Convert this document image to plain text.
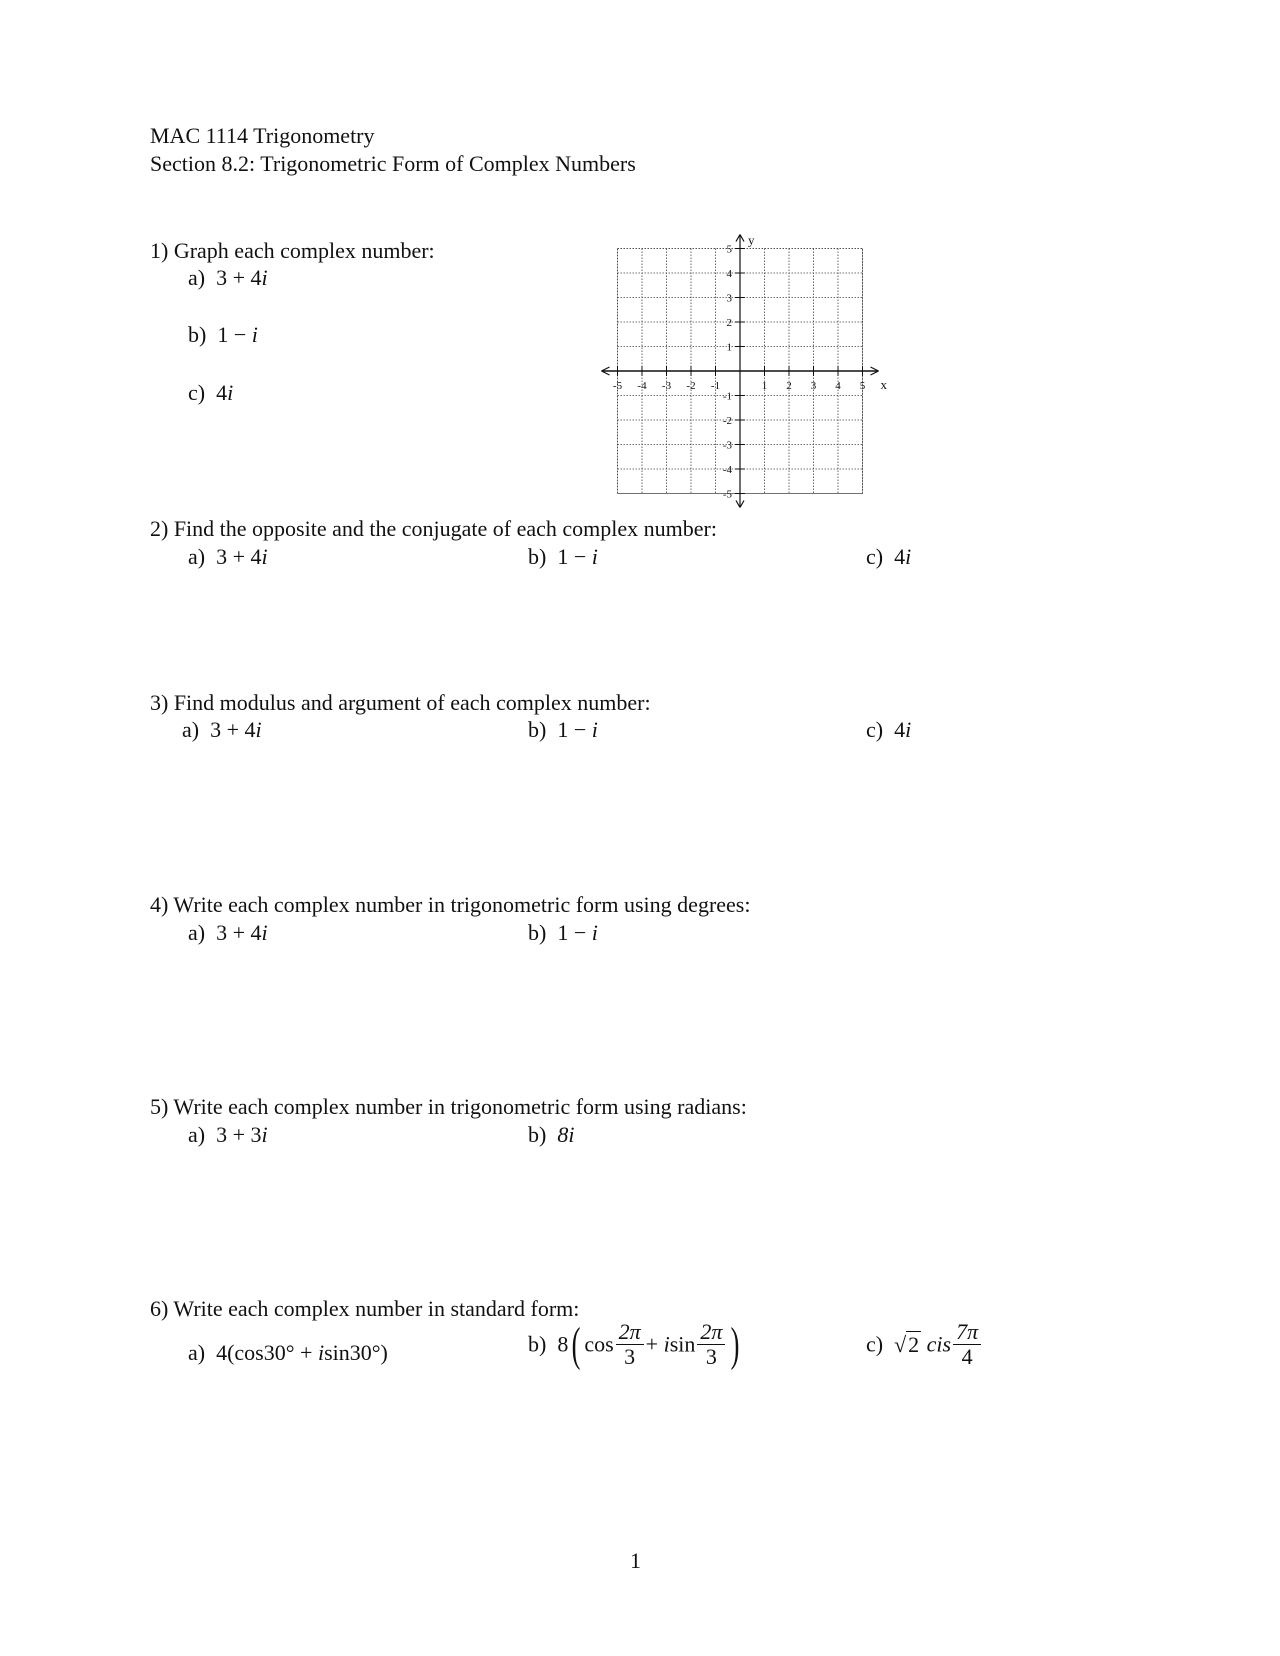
MAC 1114 Trigonometry
Section 8.2: Trigonometric Form of Complex Numbers
1) Graph each complex number:
a) 3 + 4i
b) 1 − i
c) 4i	-5 -4 -3 -2 -1	1 2 3 4 5
5
4
3
2
1
-1
-2
-3
-4
-5
x
y
2) Find the opposite and the conjugate of each complex number:
a) 3 + 4i	b) 1 − i	c) 4i
3) Find modulus and argument of each complex number:
a) 3 + 4i	b) 1 − i	c) 4i
4) Write each complex number in trigonometric form using degrees:
a) 3 + 4i	b) 1 − i
5) Write each complex number in trigonometric form using radians:
a) 3 + 3i	b) 8i
6) Write each complex number in standard form:
a) 4(cos30° + isin30°)	b) 8( $\cos \frac{2\pi}{3} + isin \frac{2\pi}{3}$ )	c) √2 cis $\frac{7\pi}{4}$
1
